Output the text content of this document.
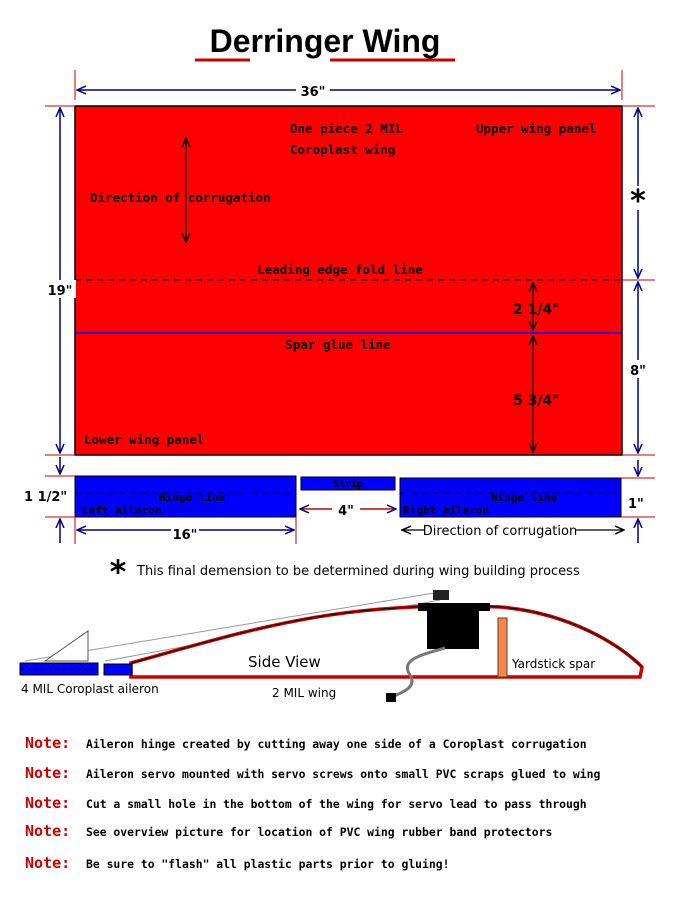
Derringer Wing
36"
One piece 2 MIL
Coroplast wing
Upper wing panel
Direction of corrugation
Leading edge fold line
Spar glue line
Lower wing panel
2 1/4"
5 3/4"
19"
*
8"
Hinge line
Left aileron
Strip
Hinge line
Right aileron
1 1/2"
16"
4"	1"
Direction of corrugation
* This final demension to be determined during wing building process
Side View	Yardstick spar
4 MIL Coroplast aileron	2 MIL wing
Note: Aileron hinge created by cutting away one side of a Coroplast corrugation
Note: Aileron servo mounted with servo screws onto small PVC scraps glued to wing
Note: Cut a small hole in the bottom of the wing for servo lead to pass through
Note: See overview picture for location of PVC wing rubber band protectors
Note: Be sure to "flash" all plastic parts prior to gluing!
